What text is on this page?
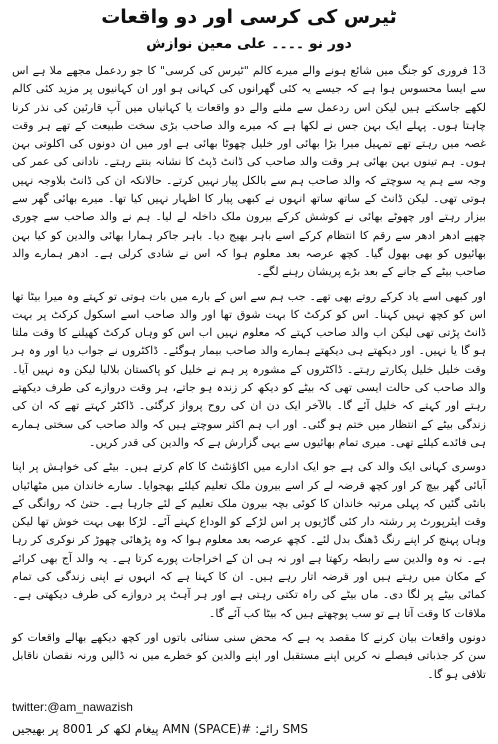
ٹیرس کی کرسی اور دو واقعات
دور نو ۔۔۔۔ علی معین نوازش

13 فروری کو جنگ میں شائع ہونے والے میرے کالم "ٹیرس کی کرسی" کا جو ردعمل مجھے ملا ہے اس سے ایسا محسوس ہوا ہے کہ جیسے یہ کئی گھرانوں کی کہانی ہو اور ان کہانیوں پر مزید کئی کالم لکھے جاسکتے ہیں لیکن اس ردعمل سے ملنے والے دو واقعات یا کہانیاں میں آپ قارئین کی نذر کرنا چاہتا ہوں۔ پہلے ایک بہن جس نے لکھا ہے کہ میرے والد صاحب بڑی سخت طبیعت کے تھے ہر وقت غصہ میں رہتے تھے تمہیل میرا بڑا بھائی اور خلیل چھوٹا بھائی ہے اور میں ان دونوں کی اکلوتی بہن ہوں۔ ہم تینوں بہن بھائی ہر وقت والد صاحب کی ڈانٹ ڈپٹ کا نشانہ بنتے رہتے۔ نادانی کی عمر کی وجہ سے ہم یہ سوچتے کہ والد صاحب ہم سے بالکل پیار نہیں کرتے۔ حالانکہ ان کی ڈانٹ بلاوجہ نہیں ہوتی تھی۔ لیکن ڈانٹ کے ساتھ ساتھ انہوں نے کبھی پیار کا اظہار نہیں کیا تھا۔ میرے بھائی گھر سے بیزار رہتے اور چھوٹے بھائی نے کوشش کرکے بیرون ملک داخلہ لے لیا۔ ہم نے والد صاحب سے چوری چھپے ادھر ادھر سے رقم کا انتظام کرکے اسے باہر بھیج دیا۔ باہر جاکر ہمارا بھائی والدین کو کیا بہن بھائیوں کو بھی بھول گیا۔ کچھ عرصہ بعد معلوم ہوا کہ اس نے شادی کرلی ہے۔ ادھر ہمارے والد صاحب بیٹے کے جانے کے بعد بڑے پریشان رہنے لگے۔

اور کبھی اسے یاد کرکے روتے بھی تھے۔ جب ہم سے اس کے بارے میں بات ہوتی تو کہتے وہ میرا بیٹا تھا اس کو کچھ نہیں کہنا۔ اس کو کرکٹ کا بہت شوق تھا اور والد صاحب اسے اسکول کرکٹ پر بہت ڈانٹ پڑتی تھی لیکن اب والد صاحب کہتے کہ معلوم نہیں اب اس کو وہاں کرکٹ کھیلنے کا وقت ملتا ہو گا یا نہیں۔ اور دیکھتے ہی دیکھتے ہمارے والد صاحب بیمار ہوگئے۔ ڈاکٹروں نے جواب دیا اور وہ ہر وقت خلیل خلیل پکارتے رہتے۔ ڈاکٹروں کے مشورہ پر ہم نے خلیل کو پاکستان بلالیا لیکن وہ نہیں آیا۔ والد صاحب کی حالت ایسی تھی کہ بیٹے کو دیکھ کر زندہ ہو جاتے، ہر وقت دروازے کی طرف دیکھتے رہتے اور کہتے کہ خلیل آئے گا۔ بالآخر ایک دن ان کی روح پرواز کرگئی۔ ڈاکٹر کہتے تھے کہ ان کی زندگی بیٹے کے انتظار میں ختم ہو گئی۔ اور اب ہم اکثر سوچتے ہیں کہ والد صاحب کی سختی ہمارے ہی فائدے کیلئے تھی۔ میری تمام بھائیوں سے یہی گزارش ہے کہ والدین کی قدر کریں۔

دوسری کہانی ایک والد کی ہے جو ایک ادارے میں اکاؤنٹنٹ کا کام کرتے ہیں۔ بیٹے کی خواہش پر اپنا آبائی گھر بیچ کر اور کچھ قرضہ لے کر اسے بیرون ملک تعلیم کیلئے بھجوایا۔ سارے خاندان میں مٹھائیاں بانٹی گئیں کہ پہلی مرتبہ خاندان کا کوئی بچہ بیرون ملک تعلیم کے لئے جارہا ہے۔ حتیٰ کہ روانگی کے وقت ایئرپورٹ پر رشتہ دار کئی گاڑیوں پر اس لڑکے کو الوداع کہنے آئے۔ لڑکا بھی بہت خوش تھا لیکن وہاں پہنچ کر اپنے رنگ ڈھنگ بدل لئے۔ کچھ عرصہ بعد معلوم ہوا کہ وہ پڑھائی چھوڑ کر نوکری کر رہا ہے۔ نہ وہ والدین سے رابطہ رکھتا ہے اور نہ ہی ان کے اخراجات پورے کرتا ہے۔ یہ والد آج بھی کرائے کے مکان میں رہتے ہیں اور قرضہ اتار رہے ہیں۔ ان کا کہنا ہے کہ انہوں نے اپنی زندگی کی تمام کمائی بیٹے پر لگا دی۔ ماں بیٹے کی راہ تکتی رہتی ہے اور ہر آہٹ پر دروازے کی طرف دیکھتی ہے۔ ملاقات کا وقت آتا ہے تو سب پوچھتے ہیں کہ بیٹا کب آئے گا۔

دونوں واقعات بیان کرنے کا مقصد یہ ہے کہ محض سنی سنائی باتوں اور کچھ دیکھے بھالے واقعات کو سن کر جذباتی فیصلے نہ کریں اپنے مستقبل اور اپنے والدین کو خطرے میں نہ ڈالیں ورنہ نقصان ناقابل تلافی ہو گا۔

twitter:@am_nawazish
SMS رائے: #AMN (SPACE) پیغام لکھ کر 8001 پر بھیجیں
